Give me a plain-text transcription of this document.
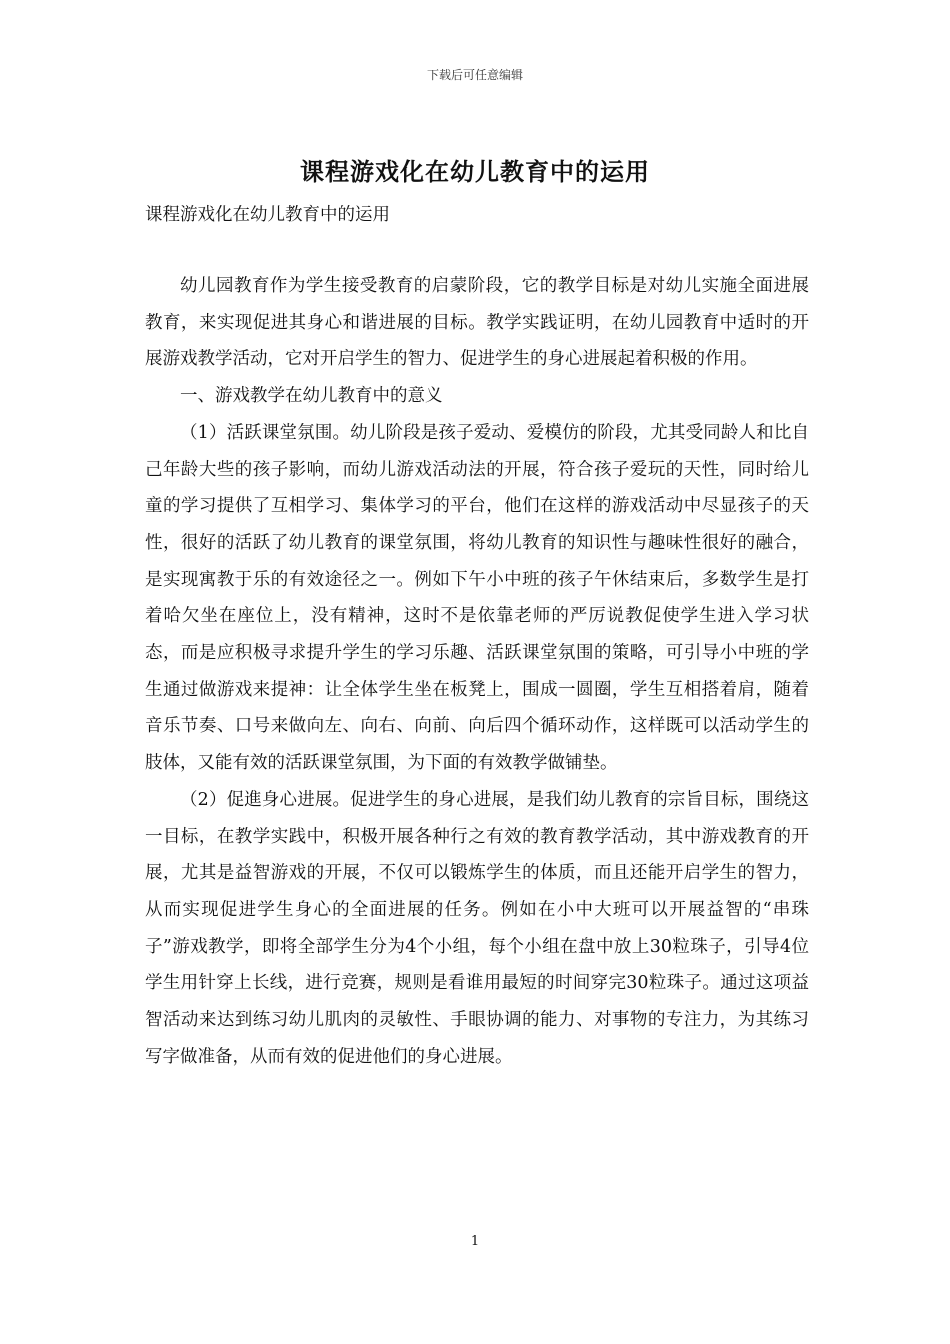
下载后可任意编辑
课程游戏化在幼儿教育中的运用
课程游戏化在幼儿教育中的运用

幼儿园教育作为学生接受教育的启蒙阶段，它的教学目标是对幼儿实施全面进展教育，来实现促进其身心和谐进展的目标。教学实践证明，在幼儿园教育中适时的开展游戏教学活动，它对开启学生的智力、促进学生的身心进展起着积极的作用。

一、游戏教学在幼儿教育中的意义

（1）活跃课堂氛围。幼儿阶段是孩子爱动、爱模仿的阶段，尤其受同龄人和比自己年龄大些的孩子影响，而幼儿游戏活动法的开展，符合孩子爱玩的天性，同时给儿童的学习提供了互相学习、集体学习的平台，他们在这样的游戏活动中尽显孩子的天性，很好的活跃了幼儿教育的课堂氛围，将幼儿教育的知识性与趣味性很好的融合，是实现寓教于乐的有效途径之一。例如下午小中班的孩子午休结束后，多数学生是打着哈欠坐在座位上，没有精神，这时不是依靠老师的严厉说教促使学生进入学习状态，而是应积极寻求提升学生的学习乐趣、活跃课堂氛围的策略，可引导小中班的学生通过做游戏来提神：让全体学生坐在板凳上，围成一圆圈，学生互相搭着肩，随着音乐节奏、口号来做向左、向右、向前、向后四个循环动作，这样既可以活动学生的肢体，又能有效的活跃课堂氛围，为下面的有效教学做铺垫。

（2）促進身心进展。促进学生的身心进展，是我们幼儿教育的宗旨目标，围绕这一目标，在教学实践中，积极开展各种行之有效的教育教学活动，其中游戏教育的开展，尤其是益智游戏的开展，不仅可以锻炼学生的体质，而且还能开启学生的智力，从而实现促进学生身心的全面进展的任务。例如在小中大班可以开展益智的“串珠子”游戏教学，即将全部学生分为4个小组，每个小组在盘中放上30粒珠子，引导4位学生用针穿上长线，进行竞赛，规则是看谁用最短的时间穿完30粒珠子。通过这项益智活动来达到练习幼儿肌肉的灵敏性、手眼协调的能力、对事物的专注力，为其练习写字做准备，从而有效的促进他们的身心进展。

1
